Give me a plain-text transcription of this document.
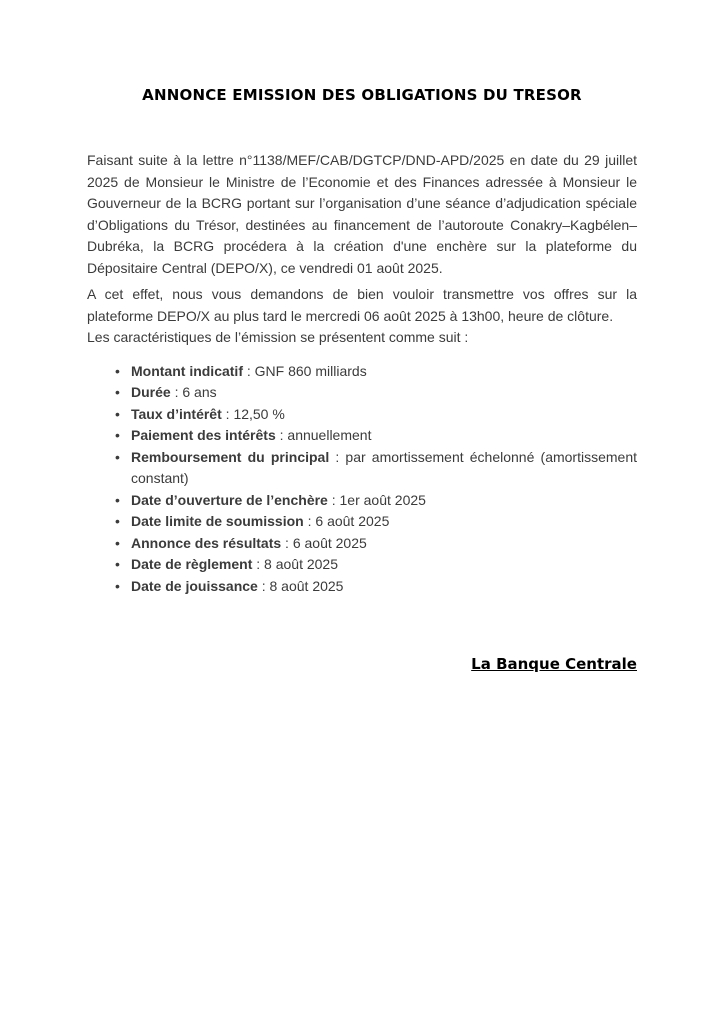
ANNONCE EMISSION DES OBLIGATIONS DU TRESOR

Faisant suite à la lettre n°1138/MEF/CAB/DGTCP/DND-APD/2025 en date du 29 juillet 2025 de Monsieur le Ministre de l’Economie et des Finances adressée à Monsieur le Gouverneur de la BCRG portant sur l’organisation d’une séance d’adjudication spéciale d’Obligations du Trésor, destinées au financement de l’autoroute Conakry–Kagbélen–Dubréka, la BCRG procédera à la création d'une enchère sur la plateforme du Dépositaire Central (DEPO/X), ce vendredi 01 août 2025.

A cet effet, nous vous demandons de bien vouloir transmettre vos offres sur la plateforme DEPO/X au plus tard le mercredi 06 août 2025 à 13h00, heure de clôture.

Les caractéristiques de l’émission se présentent comme suit :

• Montant indicatif : GNF 860 milliards
• Durée : 6 ans
• Taux d’intérêt : 12,50 %
• Paiement des intérêts : annuellement
• Remboursement du principal : par amortissement échelonné (amortissement constant)
• Date d’ouverture de l’enchère : 1er août 2025
• Date limite de soumission : 6 août 2025
• Annonce des résultats : 6 août 2025
• Date de règlement : 8 août 2025
• Date de jouissance : 8 août 2025
La Banque Centrale
